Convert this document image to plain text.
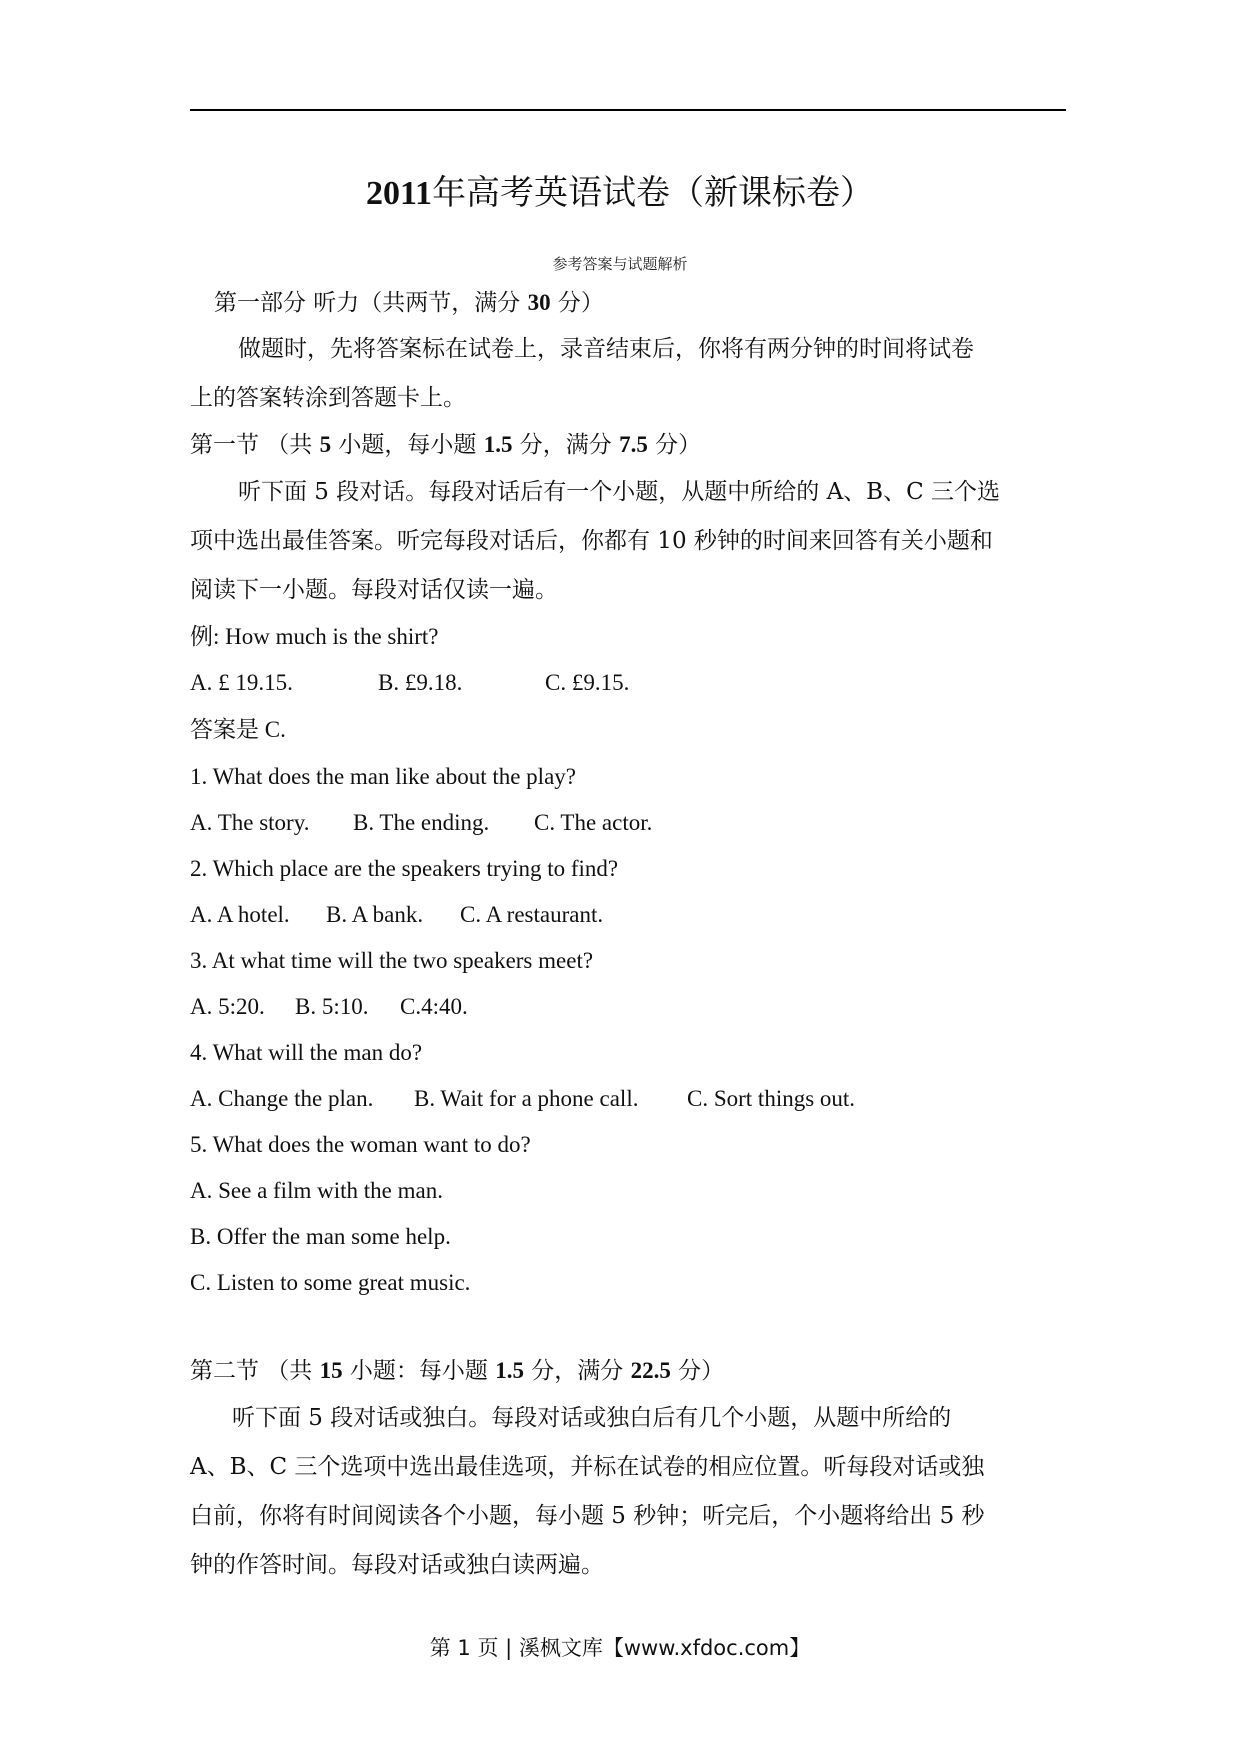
2011年高考英语试卷（新课标卷）
参考答案与试题解析
第一部分 听力（共两节，满分 30 分）
做题时，先将答案标在试卷上，录音结束后，你将有两分钟的时间将试卷
上的答案转涂到答题卡上。
第一节 （共 5 小题，每小题 1.5 分，满分 7.5 分）
听下面 5 段对话。每段对话后有一个小题，从题中所给的 A、B、C 三个选
项中选出最佳答案。听完每段对话后，你都有 10 秒钟的时间来回答有关小题和
阅读下一小题。每段对话仅读一遍。
例: How much is the shirt?
A. £ 19.15.	B. £9.18.	C. £9.15.
答案是 C.
1. What does the man like about the play?
A. The story. B. The ending. C. The actor.
2. Which place are the speakers trying to find?
A. A hotel. B. A bank. C. A restaurant.
3. At what time will the two speakers meet?
A. 5:20. B. 5:10. C.4:40.
4. What will the man do?
A. Change the plan. B. Wait for a phone call. C. Sort things out.
5. What does the woman want to do?
A. See a film with the man.
B. Offer the man some help.
C. Listen to some great music.
第二节 （共 15 小题：每小题 1.5 分，满分 22.5 分）
听下面 5 段对话或独白。每段对话或独白后有几个小题，从题中所给的
A、B、C 三个选项中选出最佳选项，并标在试卷的相应位置。听每段对话或独
白前，你将有时间阅读各个小题，每小题 5 秒钟；听完后，个小题将给出 5 秒
钟的作答时间。每段对话或独白读两遍。
第 1 页 | 溪枫文库【www.xfdoc.com】
